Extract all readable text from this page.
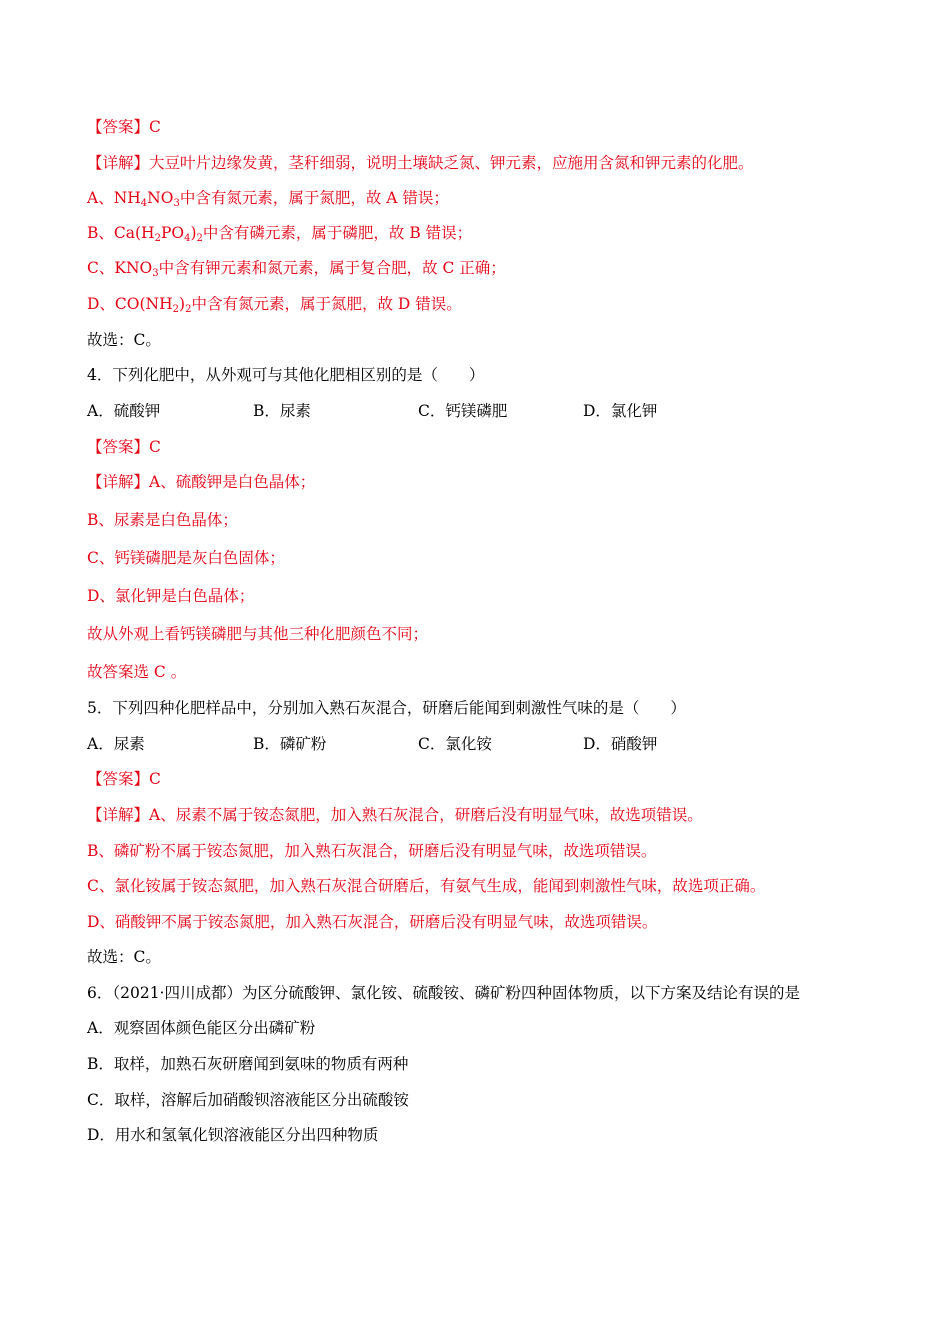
【答案】C
【详解】大豆叶片边缘发黄，茎秆细弱，说明土壤缺乏氮、钾元素，应施用含氮和钾元素的化肥。
A、$NH_4NO_3$中含有氮元素，属于氮肥，故 A 错误；
B、$Ca(H_2PO_4)_2$中含有磷元素，属于磷肥，故 B 错误；
C、$KNO_3$中含有钾元素和氮元素，属于复合肥，故 C 正确；
D、$CO(NH_2)_2$中含有氮元素，属于氮肥，故 D 错误。
故选：C。
4．下列化肥中，从外观可与其他化肥相区别的是（　　）
A．硫酸钾	B．尿素	C．钙镁磷肥	D．氯化钾
【答案】C
【详解】A、硫酸钾是白色晶体；
B、尿素是白色晶体；
C、钙镁磷肥是灰白色固体；
D、氯化钾是白色晶体；
故从外观上看钙镁磷肥与其他三种化肥颜色不同；
故答案选 C 。
5．下列四种化肥样品中，分别加入熟石灰混合，研磨后能闻到刺激性气味的是（　　）
A．尿素	B．磷矿粉	C．氯化铵	D．硝酸钾
【答案】C
【详解】A、尿素不属于铵态氮肥，加入熟石灰混合，研磨后没有明显气味，故选项错误。
B、磷矿粉不属于铵态氮肥，加入熟石灰混合，研磨后没有明显气味，故选项错误。
C、氯化铵属于铵态氮肥，加入熟石灰混合研磨后，有氨气生成，能闻到刺激性气味，故选项正确。
D、硝酸钾不属于铵态氮肥，加入熟石灰混合，研磨后没有明显气味，故选项错误。
故选：C。
6．（2021·四川成都）为区分硫酸钾、氯化铵、硫酸铵、磷矿粉四种固体物质，以下方案及结论有误的是
A．观察固体颜色能区分出磷矿粉
B．取样，加熟石灰研磨闻到氨味的物质有两种
C．取样，溶解后加硝酸钡溶液能区分出硫酸铵
D．用水和氢氧化钡溶液能区分出四种物质
